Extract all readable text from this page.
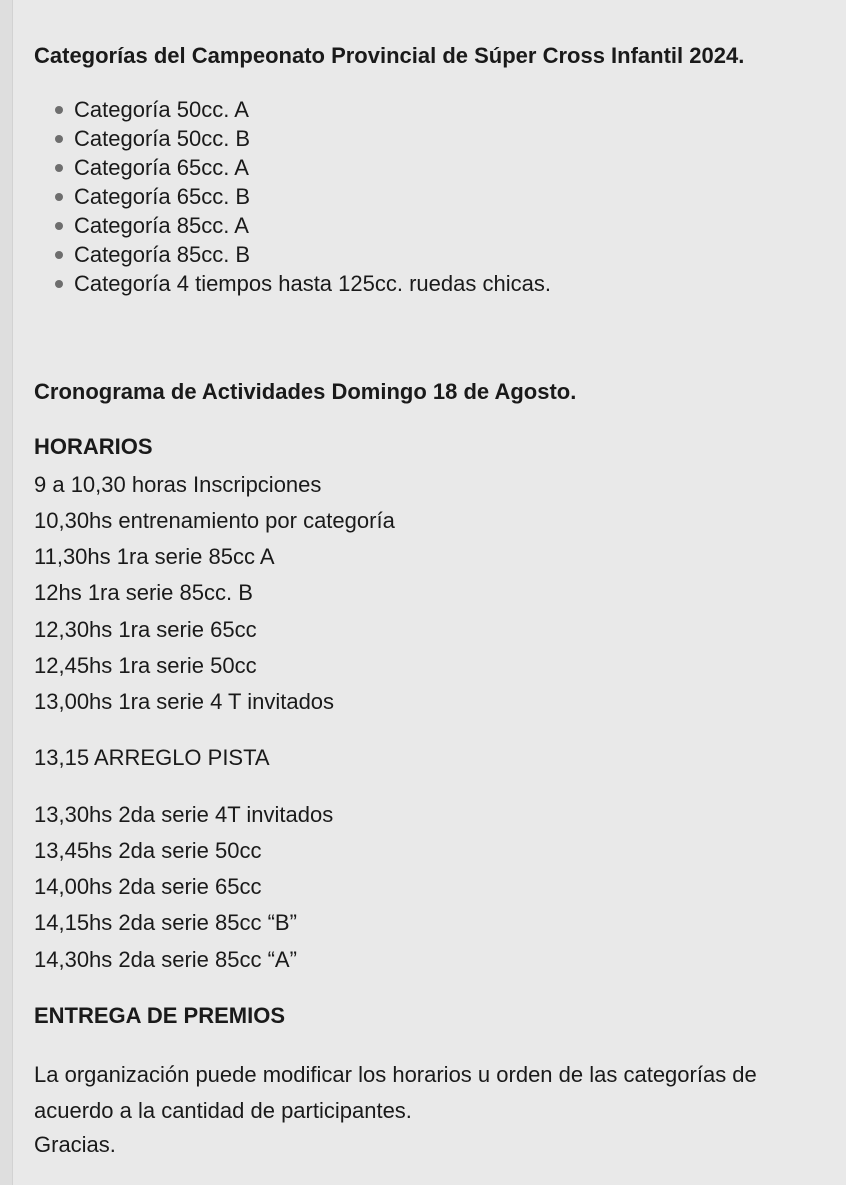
Categorías del Campeonato Provincial de Súper Cross Infantil 2024.
Categoría 50cc. A
Categoría 50cc. B
Categoría 65cc. A
Categoría 65cc. B
Categoría 85cc. A
Categoría 85cc. B
Categoría 4 tiempos hasta 125cc. ruedas chicas.
Cronograma de Actividades Domingo 18 de Agosto.
HORARIOS

9 a 10,30 horas Inscripciones

10,30hs entrenamiento por categoría

11,30hs 1ra serie 85cc A

12hs 1ra serie 85cc. B

12,30hs 1ra serie 65cc

12,45hs 1ra serie 50cc

13,00hs 1ra serie 4 T invitados

13,15 ARREGLO PISTA

13,30hs 2da serie 4T invitados

13,45hs 2da serie 50cc

14,00hs 2da serie 65cc

14,15hs 2da serie 85cc “B”

14,30hs 2da serie 85cc “A”

ENTREGA DE PREMIOS

La organización puede modificar los horarios u orden de las categorías de acuerdo a la cantidad de participantes.

Gracias.
